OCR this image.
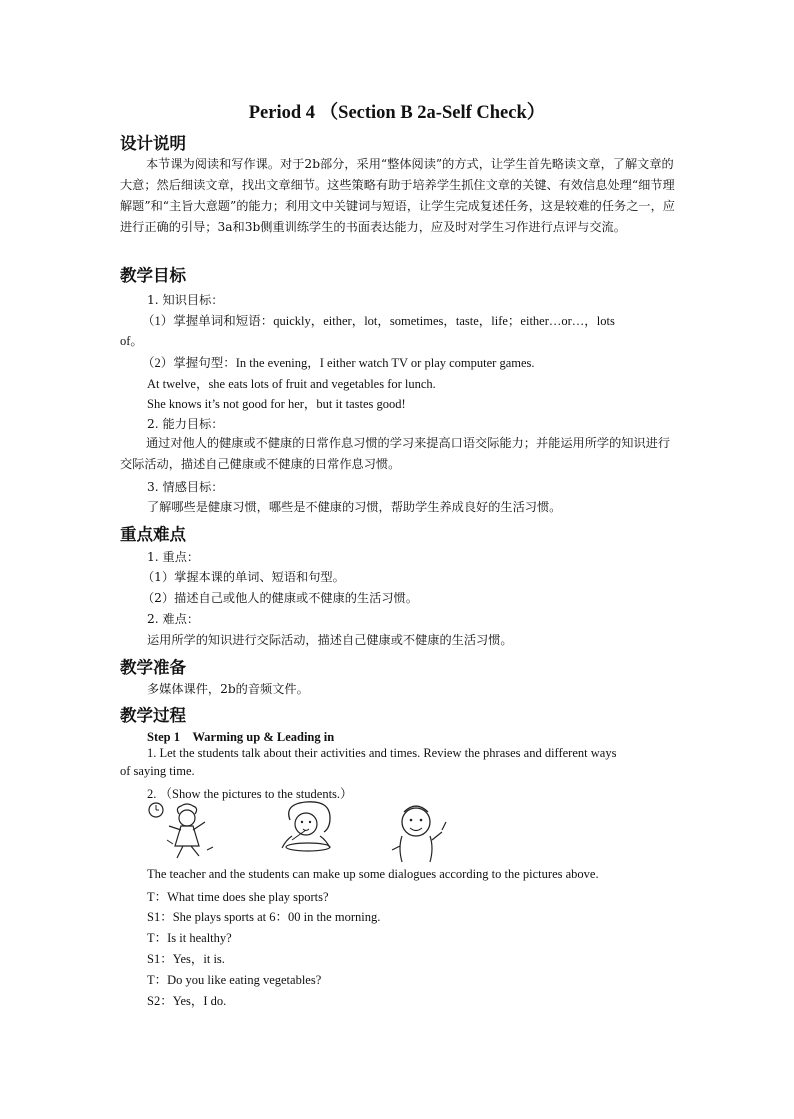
Period 4 （Section B 2a-Self Check）
设计说明
本节课为阅读和写作课。对于2b部分，采用“整体阅读”的方式，让学生首先略读文章，了解文章的大意；然后细读文章，找出文章细节。这些策略有助于培养学生抓住文章的关键、有效信息处理“细节理解题”和“主旨大意题”的能力；利用文中关键词与短语，让学生完成复述任务，这是较难的任务之一，应进行正确的引导；3a和3b侧重训练学生的书面表达能力，应及时对学生习作进行点评与交流。
教学目标
1. 知识目标：
（1）掌握单词和短语：quickly，either，lot，sometimes，taste，life；either…or…，lots
of。
（2）掌握句型：In the evening，I either watch TV or play computer games.
At twelve，she eats lots of fruit and vegetables for lunch.
She knows it’s not good for her，but it tastes good!
2. 能力目标：
通过对他人的健康或不健康的日常作息习惯的学习来提高口语交际能力；并能运用所学的知识进行交际活动，描述自己健康或不健康的日常作息习惯。
3. 情感目标：
了解哪些是健康习惯，哪些是不健康的习惯，帮助学生养成良好的生活习惯。
重点难点
1. 重点：
（1）掌握本课的单词、短语和句型。
（2）描述自己或他人的健康或不健康的生活习惯。
2. 难点：
运用所学的知识进行交际活动，描述自己健康或不健康的生活习惯。
教学准备
多媒体课件，2b的音频文件。
教学过程
Step 1　Warming up & Leading in
1. Let the students talk about their activities and times. Review the phrases and different ways
of saying time.
2. （Show the pictures to the students.）
The teacher and the students can make up some dialogues according to the pictures above.
T：What time does she play sports?
S1：She plays sports at 6：00 in the morning.
T：Is it healthy?
S1：Yes，it is.
T：Do you like eating vegetables?
S2：Yes，I do.
